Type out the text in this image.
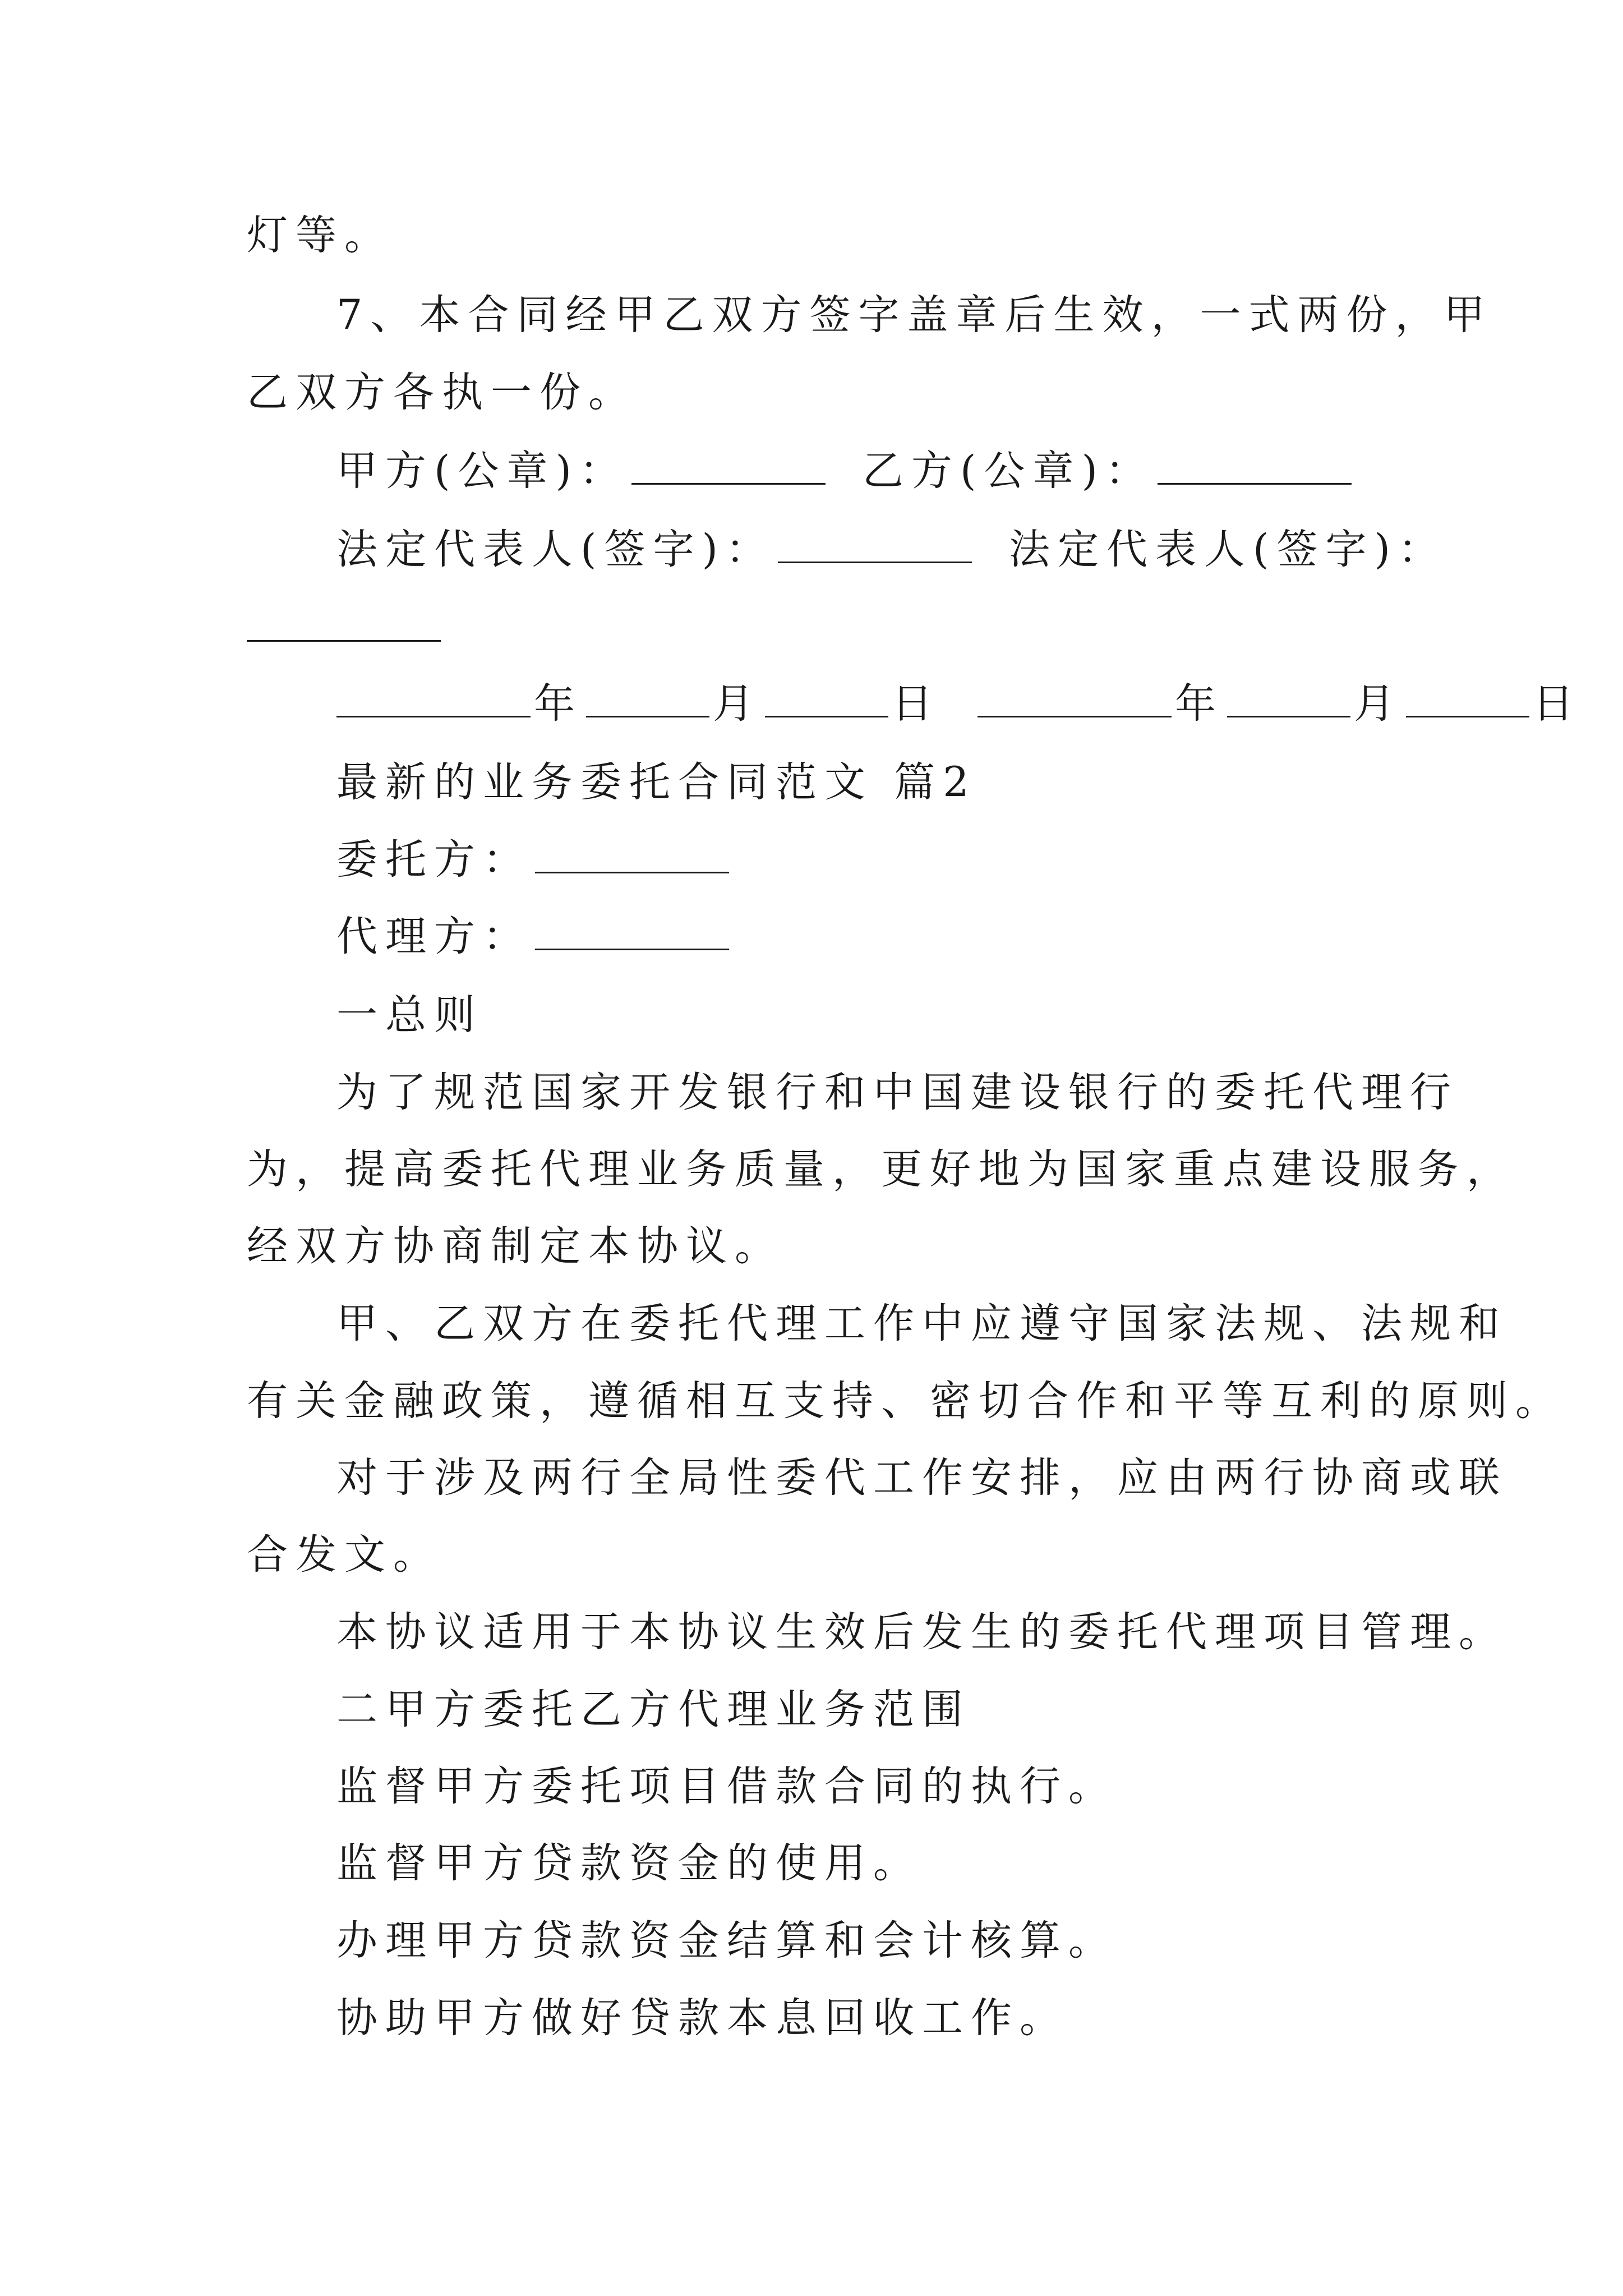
灯等。
7、本合同经甲乙双方签字盖章后生效，一式两份，甲
乙双方各执一份。
甲方(公章)：	乙方(公章)：
法定代表人(签字)：	法定代表人(签字)：
年	月	日	年	月	日
最新的业务委托合同范文 篇2
委托方：
代理方：
一总则
为了规范国家开发银行和中国建设银行的委托代理行
为，提高委托代理业务质量，更好地为国家重点建设服务，
经双方协商制定本协议。
甲、乙双方在委托代理工作中应遵守国家法规、法规和
有关金融政策，遵循相互支持、密切合作和平等互利的原则。
对于涉及两行全局性委代工作安排，应由两行协商或联
合发文。
本协议适用于本协议生效后发生的委托代理项目管理。
二甲方委托乙方代理业务范围
监督甲方委托项目借款合同的执行。
监督甲方贷款资金的使用。
办理甲方贷款资金结算和会计核算。
协助甲方做好贷款本息回收工作。
